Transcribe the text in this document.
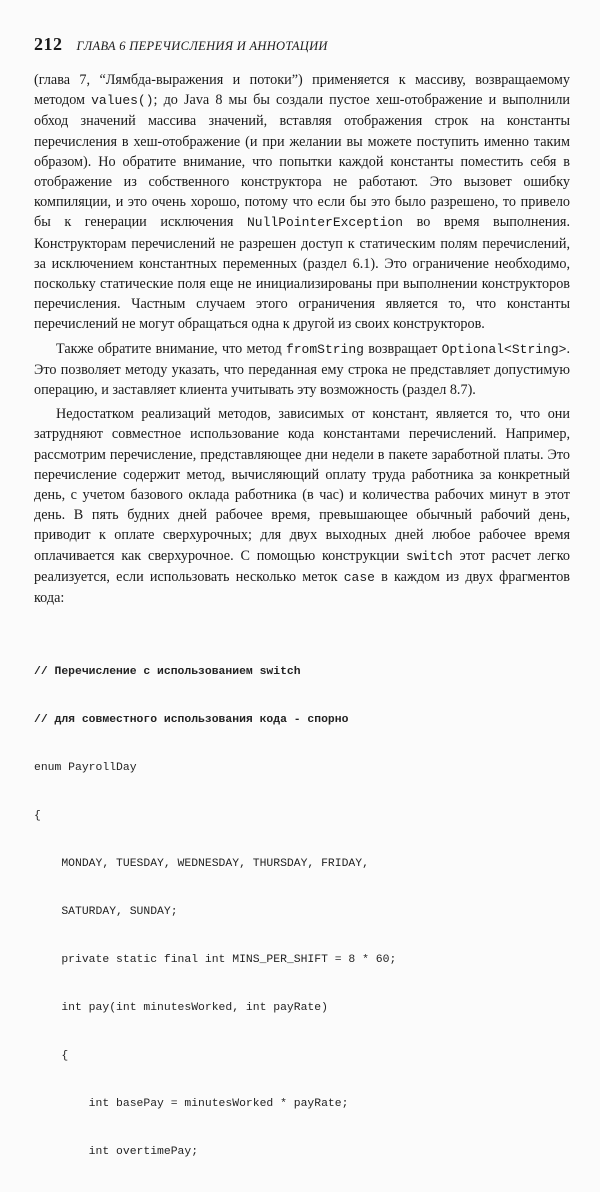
212 ГЛАВА 6 ПЕРЕЧИСЛЕНИЯ И АННОТАЦИИ

(глава 7, “Лямбда-выражения и потоки”) применяется к массиву, возвращаемому методом values(); до Java 8 мы бы создали пустое хеш-отображение и выполнили обход значений массива значений, вставляя отображения строк на константы перечисления в хеш-отображение (и при желании вы можете поступить именно таким образом). Но обратите внимание, что попытки каждой константы поместить себя в отображение из собственного конструктора не работают. Это вызовет ошибку компиляции, и это очень хорошо, потому что если бы это было разрешено, то привело бы к генерации исключения NullPointerException во время выполнения. Конструкторам перечислений не разрешен доступ к статическим полям перечислений, за исключением константных переменных (раздел 6.1). Это ограничение необходимо, поскольку статические поля еще не инициализированы при выполнении конструкторов перечисления. Частным случаем этого ограничения является то, что константы перечислений не могут обращаться одна к другой из своих конструкторов.

Также обратите внимание, что метод fromString возвращает Optional<String>. Это позволяет методу указать, что переданная ему строка не представляет допустимую операцию, и заставляет клиента учитывать эту возможность (раздел 8.7).

Недостатком реализаций методов, зависимых от констант, является то, что они затрудняют совместное использование кода константами перечислений. Например, рассмотрим перечисление, представляющее дни недели в пакете заработной платы. Это перечисление содержит метод, вычисляющий оплату труда работника за конкретный день, с учетом базового оклада работника (в час) и количества рабочих минут в этот день. В пять будних дней рабочее время, превышающее обычный рабочий день, приводит к оплате сверхурочных; для двух выходных дней любое рабочее время оплачивается как сверхурочное. С помощью конструкции switch этот расчет легко реализуется, если использовать несколько меток case в каждом из двух фрагментов кода:

// Перечисление с использованием switch

// для совместного использования кода - спорно

enum PayrollDay

{

MONDAY, TUESDAY, WEDNESDAY, THURSDAY, FRIDAY,

SATURDAY, SUNDAY;

private static final int MINS_PER_SHIFT = 8 * 60;

int pay(int minutesWorked, int payRate)

{

int basePay = minutesWorked * payRate;

int overtimePay;
